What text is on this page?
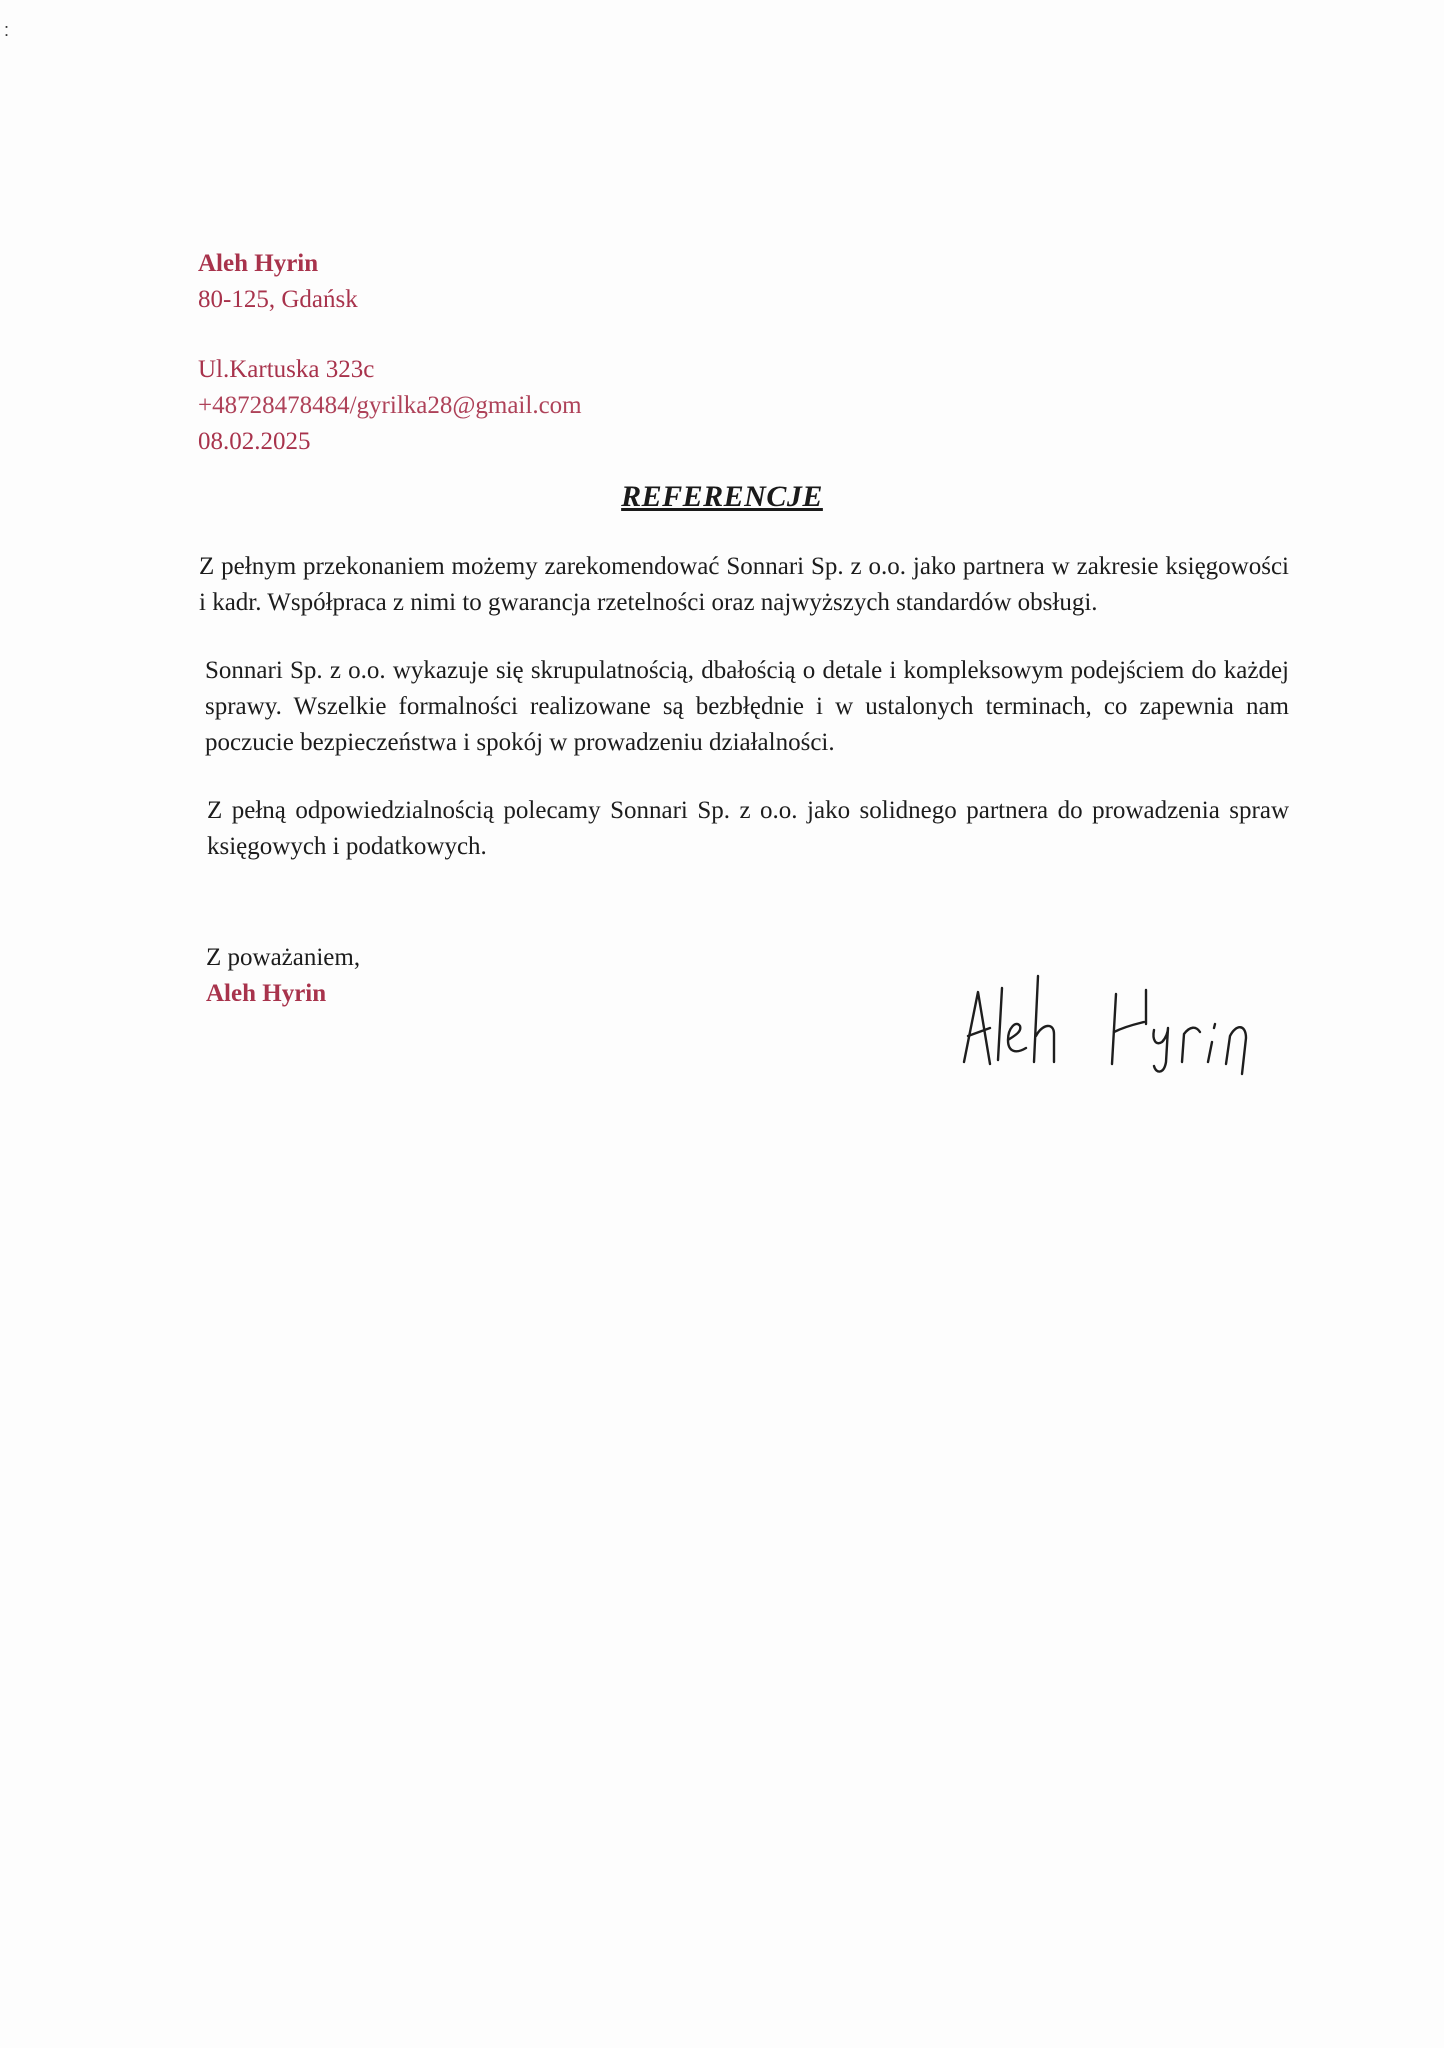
:
Aleh Hyrin
80-125, Gdańsk
Ul.Kartuska 323c
+48728478484/gyrilka28@gmail.com
08.02.2025
REFERENCJE

Z pełnym przekonaniem możemy zarekomendować Sonnari Sp. z o.o. jako partnera w zakresie księgowości i kadr. Współpraca z nimi to gwarancja rzetelności oraz najwyższych standardów obsługi.

Sonnari Sp. z o.o. wykazuje się skrupulatnością, dbałością o detale i kompleksowym podejściem do każdej sprawy. Wszelkie formalności realizowane są bezbłędnie i w ustalonych terminach, co zapewnia nam poczucie bezpieczeństwa i spokój w prowadzeniu działalności.

Z pełną odpowiedzialnością polecamy Sonnari Sp. z o.o. jako solidnego partnera do prowadzenia spraw księgowych i podatkowych.

Z poważaniem,
Aleh Hyrin
